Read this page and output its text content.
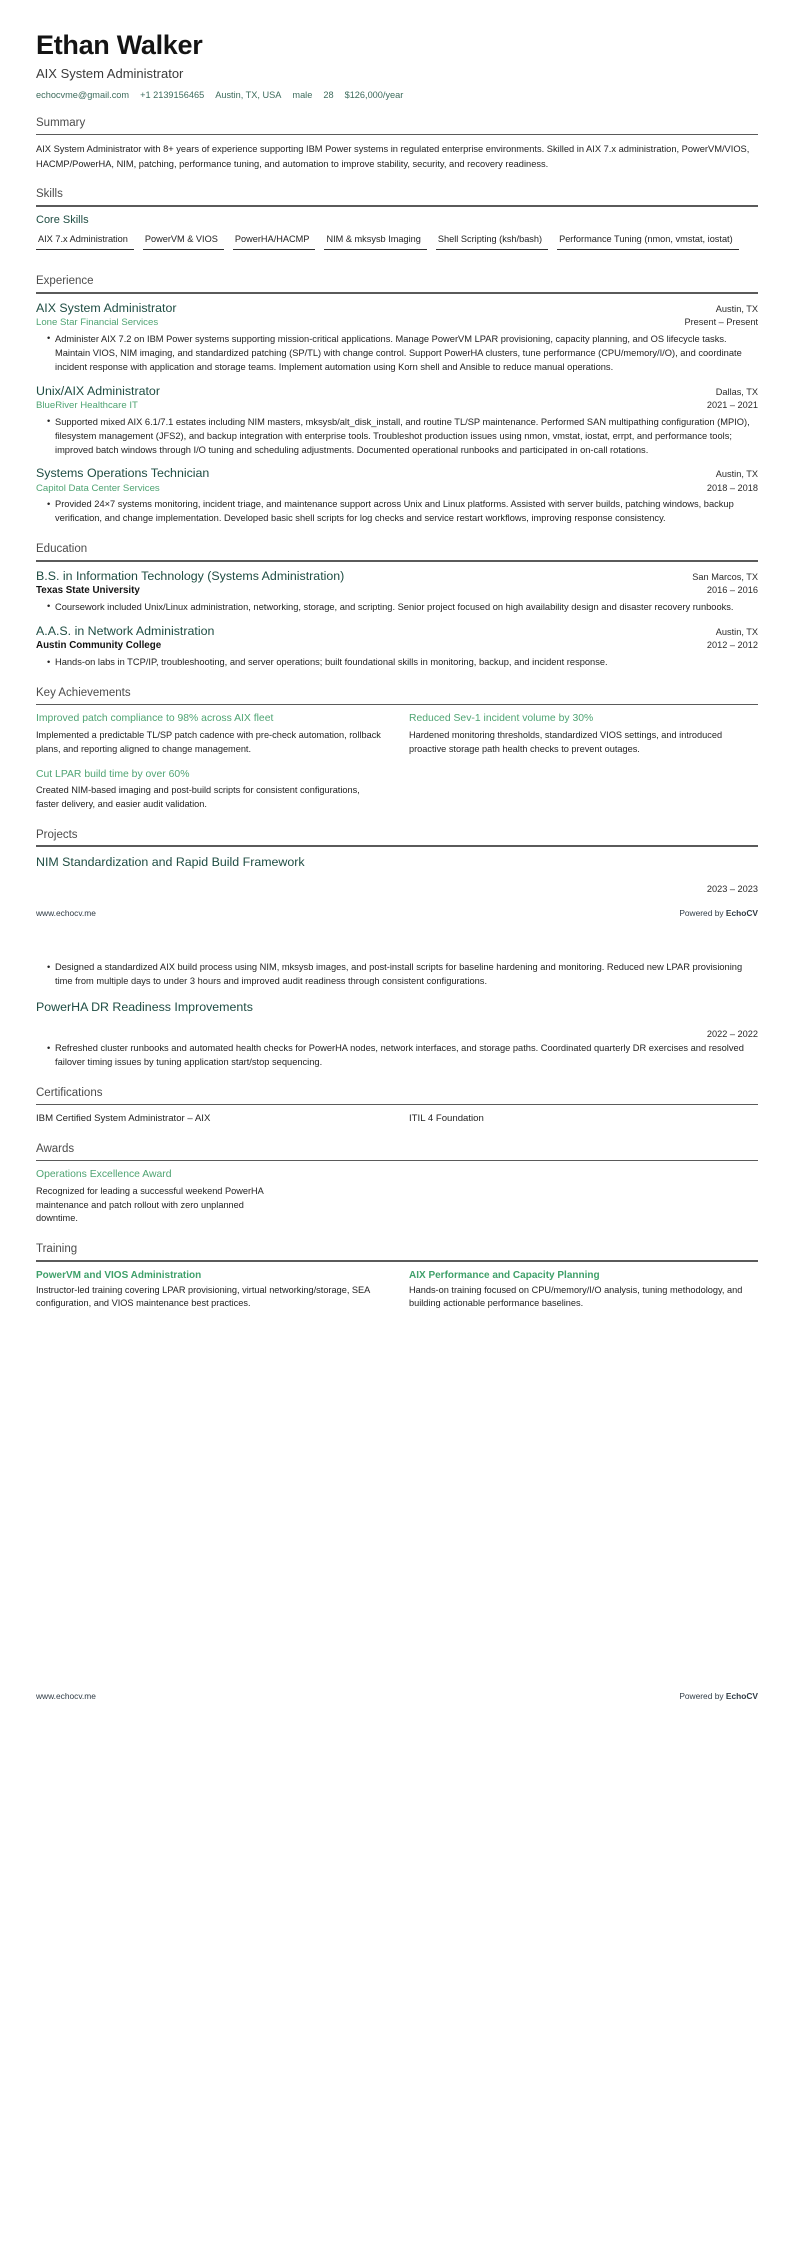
Ethan Walker
AIX System Administrator
echocvme@gmail.com +1 2139156465 Austin, TX, USA male 28 $126,000/year
Summary
AIX System Administrator with 8+ years of experience supporting IBM Power systems in regulated enterprise environments. Skilled in AIX 7.x administration, PowerVM/VIOS, HACMP/PowerHA, NIM, patching, performance tuning, and automation to improve stability, security, and recovery readiness.
Skills
Core Skills
AIX 7.x Administration	PowerVM & VIOS	PowerHA/HACMP	NIM & mksysb Imaging	Shell Scripting (ksh/bash)	Performance Tuning (nmon, vmstat, iostat)
Experience
AIX System Administrator	Austin, TX
Lone Star Financial Services	Present – Present
• Administer AIX 7.2 on IBM Power systems supporting mission-critical applications. Manage PowerVM LPAR provisioning, capacity planning, and OS lifecycle tasks. Maintain VIOS, NIM imaging, and standardized patching (SP/TL) with change control. Support PowerHA clusters, tune performance (CPU/memory/I/O), and coordinate incident response with application and storage teams. Implement automation using Korn shell and Ansible to reduce manual operations.
Unix/AIX Administrator	Dallas, TX
BlueRiver Healthcare IT	2021 – 2021
• Supported mixed AIX 6.1/7.1 estates including NIM masters, mksysb/alt_disk_install, and routine TL/SP maintenance. Performed SAN multipathing configuration (MPIO), filesystem management (JFS2), and backup integration with enterprise tools. Troubleshot production issues using nmon, vmstat, iostat, errpt, and performance tools; improved batch windows through I/O tuning and scheduling adjustments. Documented operational runbooks and participated in on-call rotations.
Systems Operations Technician	Austin, TX
Capitol Data Center Services	2018 – 2018
• Provided 24×7 systems monitoring, incident triage, and maintenance support across Unix and Linux platforms. Assisted with server builds, patching windows, backup verification, and change implementation. Developed basic shell scripts for log checks and service restart workflows, improving response consistency.
Education
B.S. in Information Technology (Systems Administration)	San Marcos, TX
Texas State University	2016 – 2016
• Coursework included Unix/Linux administration, networking, storage, and scripting. Senior project focused on high availability design and disaster recovery runbooks.
A.A.S. in Network Administration	Austin, TX
Austin Community College	2012 – 2012
• Hands-on labs in TCP/IP, troubleshooting, and server operations; built foundational skills in monitoring, backup, and incident response.
Key Achievements
Improved patch compliance to 98% across AIX fleet
Implemented a predictable TL/SP patch cadence with pre-check automation, rollback plans, and reporting aligned to change management.
Reduced Sev-1 incident volume by 30%
Hardened monitoring thresholds, standardized VIOS settings, and introduced proactive storage path health checks to prevent outages.
Cut LPAR build time by over 60%
Created NIM-based imaging and post-build scripts for consistent configurations, faster delivery, and easier audit validation.
Projects
NIM Standardization and Rapid Build Framework
2023 – 2023
www.echocv.me	Powered by EchoCV
• Designed a standardized AIX build process using NIM, mksysb images, and post-install scripts for baseline hardening and monitoring. Reduced new LPAR provisioning time from multiple days to under 3 hours and improved audit readiness through consistent configurations.
PowerHA DR Readiness Improvements
2022 – 2022
• Refreshed cluster runbooks and automated health checks for PowerHA nodes, network interfaces, and storage paths. Coordinated quarterly DR exercises and resolved failover timing issues by tuning application start/stop sequencing.
Certifications
IBM Certified System Administrator – AIX	ITIL 4 Foundation
Awards
Operations Excellence Award
Recognized for leading a successful weekend PowerHA maintenance and patch rollout with zero unplanned downtime.
Training
PowerVM and VIOS Administration
Instructor-led training covering LPAR provisioning, virtual networking/storage, SEA configuration, and VIOS maintenance best practices.
AIX Performance and Capacity Planning
Hands-on training focused on CPU/memory/I/O analysis, tuning methodology, and building actionable performance baselines.
www.echocv.me	Powered by EchoCV
